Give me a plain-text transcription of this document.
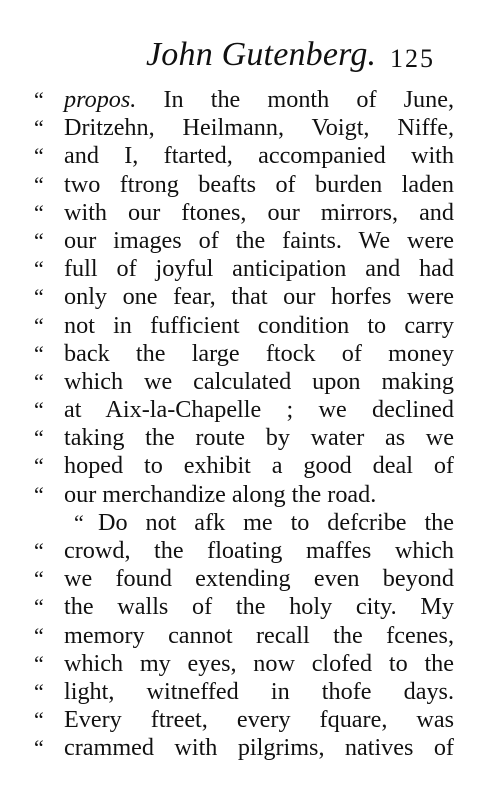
John Gutenberg. 125
“ propos. In the month of June,
“ Dritzehn, Heilmann, Voigt, Niffe,
“ and I, ftarted, accompanied with
“ two ftrong beafts of burden laden
“ with our ftones, our mirrors, and
“ our images of the faints. We were
“ full of joyful anticipation and had
“ only one fear, that our horfes were
“ not in fufficient condition to carry
“ back the large ftock of money
“ which we calculated upon making
“ at Aix-la-Chapelle ; we declined
“ taking the route by water as we
“ hoped to exhibit a good deal of
“ our merchandize along the road.
“ Do not afk me to defcribe the
“ crowd, the floating maffes which
“ we found extending even beyond
“ the walls of the holy city. My
“ memory cannot recall the fcenes,
“ which my eyes, now clofed to the
“ light, witneffed in thofe days.
“ Every ftreet, every fquare, was
“ crammed with pilgrims, natives of
